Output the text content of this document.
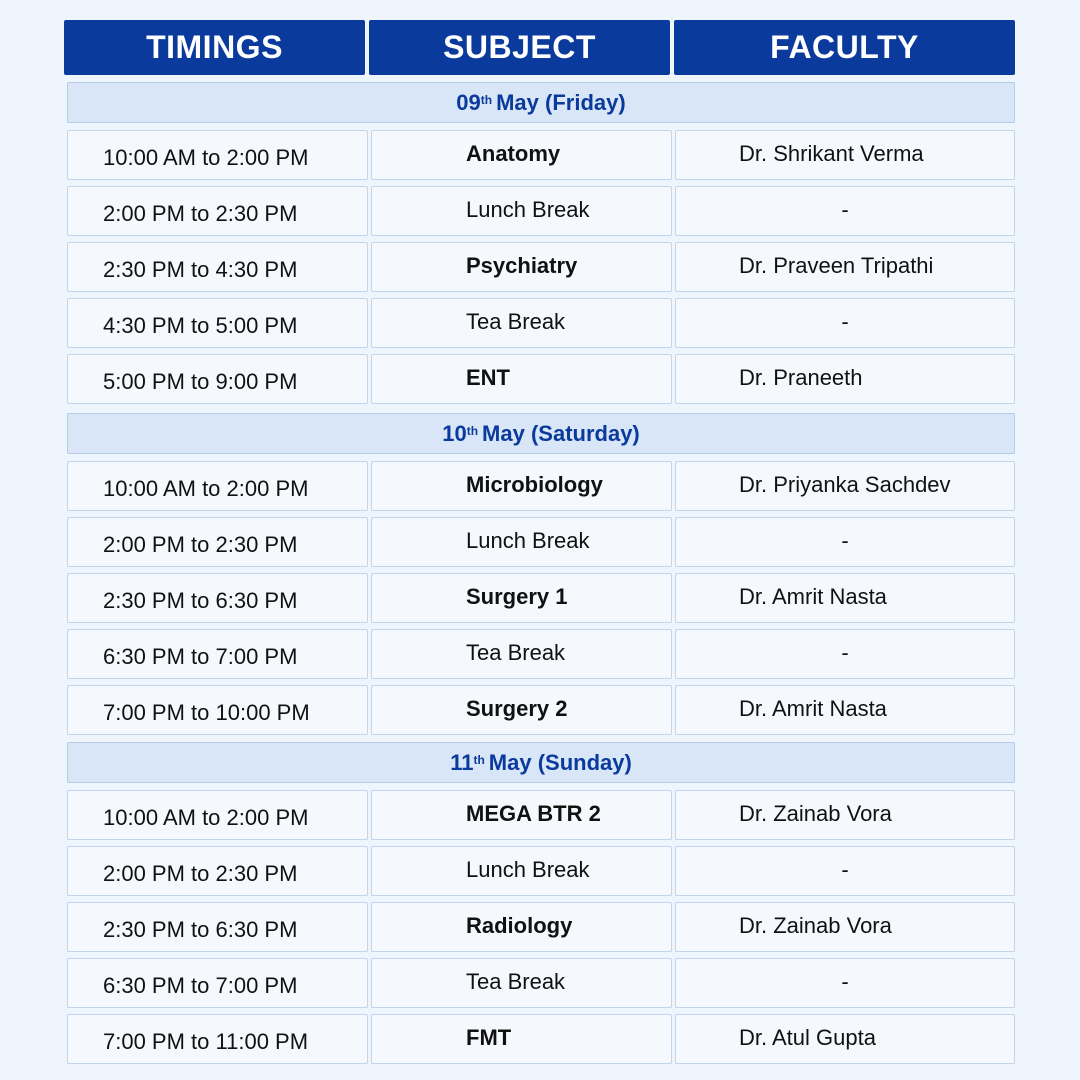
TIMINGS	SUBJECT	FACULTY
09th May (Friday)
10:00 AM to 2:00 PM	Anatomy	Dr. Shrikant Verma
2:00 PM to 2:30 PM	Lunch Break	-
2:30 PM to 4:30 PM	Psychiatry	Dr. Praveen Tripathi
4:30 PM to 5:00 PM	Tea Break	-
5:00 PM to 9:00 PM	ENT	Dr. Praneeth
10th May (Saturday)
10:00 AM to 2:00 PM	Microbiology	Dr. Priyanka Sachdev
2:00 PM to 2:30 PM	Lunch Break	-
2:30 PM to 6:30 PM	Surgery 1	Dr. Amrit Nasta
6:30 PM to 7:00 PM	Tea Break	-
7:00 PM to 10:00 PM	Surgery 2	Dr. Amrit Nasta
11th May (Sunday)
10:00 AM to 2:00 PM	MEGA BTR 2	Dr. Zainab Vora
2:00 PM to 2:30 PM	Lunch Break	-
2:30 PM to 6:30 PM	Radiology	Dr. Zainab Vora
6:30 PM to 7:00 PM	Tea Break	-
7:00 PM to 11:00 PM	FMT	Dr. Atul Gupta
